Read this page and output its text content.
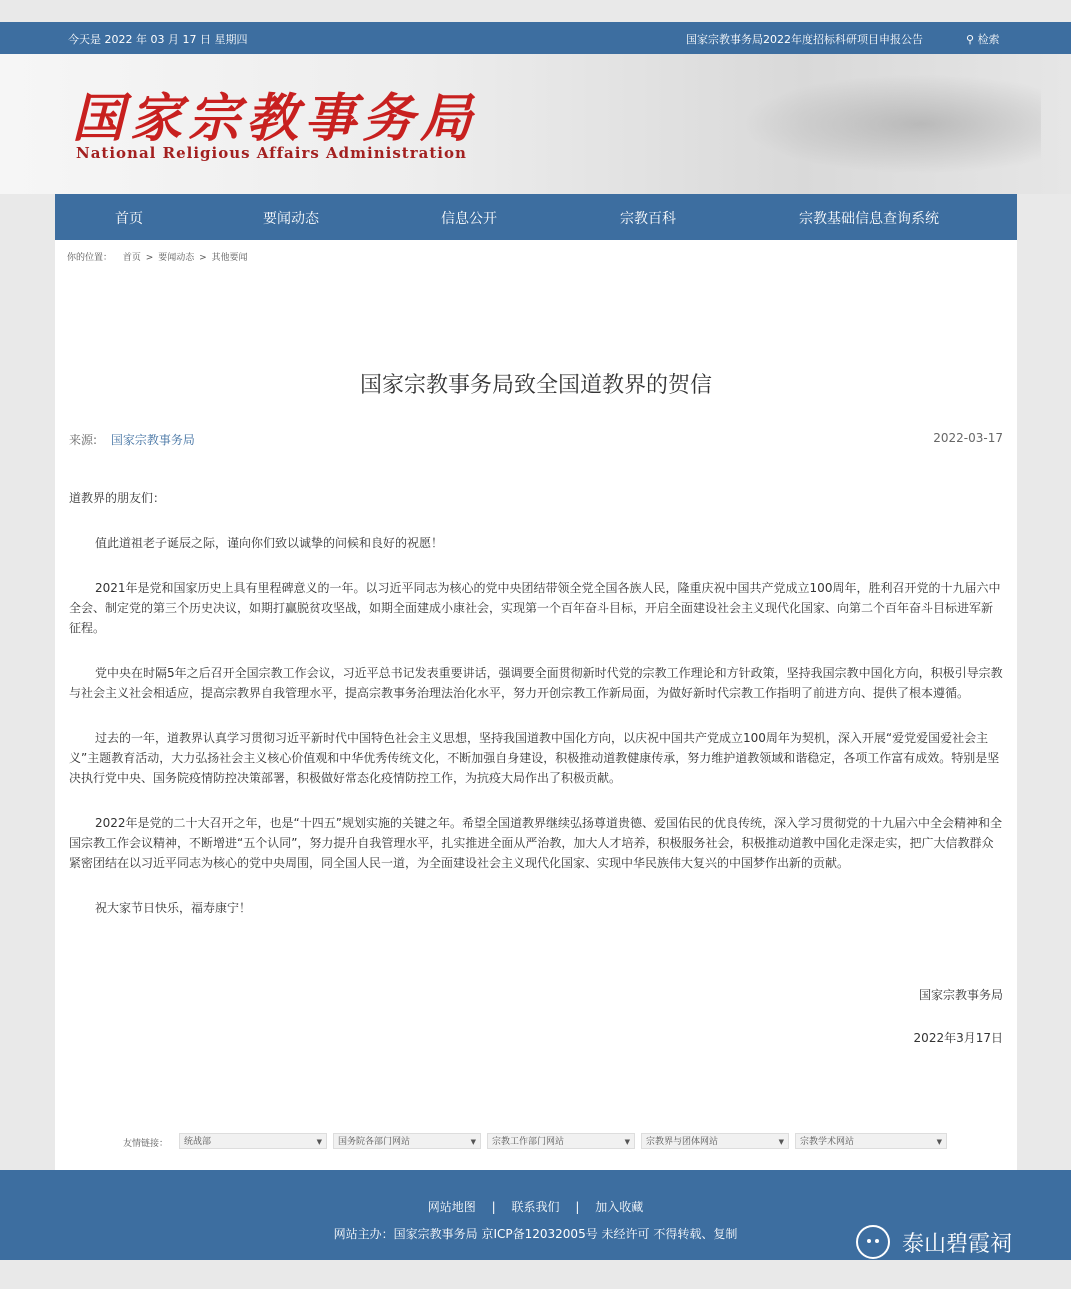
今天是 2022 年 03 月 17 日 星期四	国家宗教事务局2022年度招标科研项目申报公告	⚲ 检索
国家宗教事务局
National Religious Affairs Administration
首页	要闻动态	信息公开	宗教百科	宗教基础信息查询系统
你的位置： 首页 > 要闻动态 > 其他要闻
国家宗教事务局致全国道教界的贺信
来源: 国家宗教事务局	2022-03-17

道教界的朋友们：

值此道祖老子诞辰之际，谨向你们致以诚挚的问候和良好的祝愿！

2021年是党和国家历史上具有里程碑意义的一年。以习近平同志为核心的党中央团结带领全党全国各族人民，隆重庆祝中国共产党成立100周年，胜利召开党的十九届六中全会、制定党的第三个历史决议，如期打赢脱贫攻坚战，如期全面建成小康社会，实现第一个百年奋斗目标，开启全面建设社会主义现代化国家、向第二个百年奋斗目标进军新征程。

党中央在时隔5年之后召开全国宗教工作会议，习近平总书记发表重要讲话，强调要全面贯彻新时代党的宗教工作理论和方针政策，坚持我国宗教中国化方向，积极引导宗教与社会主义社会相适应，提高宗教界自我管理水平，提高宗教事务治理法治化水平，努力开创宗教工作新局面，为做好新时代宗教工作指明了前进方向、提供了根本遵循。

过去的一年，道教界认真学习贯彻习近平新时代中国特色社会主义思想，坚持我国道教中国化方向，以庆祝中国共产党成立100周年为契机，深入开展“爱党爱国爱社会主义”主题教育活动，大力弘扬社会主义核心价值观和中华优秀传统文化，不断加强自身建设，积极推动道教健康传承，努力维护道教领域和谐稳定，各项工作富有成效。特别是坚决执行党中央、国务院疫情防控决策部署，积极做好常态化疫情防控工作，为抗疫大局作出了积极贡献。

2022年是党的二十大召开之年，也是“十四五”规划实施的关键之年。希望全国道教界继续弘扬尊道贵德、爱国佑民的优良传统，深入学习贯彻党的十九届六中全会精神和全国宗教工作会议精神，不断增进“五个认同”，努力提升自我管理水平，扎实推进全面从严治教，加大人才培养，积极服务社会，积极推动道教中国化走深走实，把广大信教群众紧密团结在以习近平同志为核心的党中央周围，同全国人民一道，为全面建设社会主义现代化国家、实现中华民族伟大复兴的中国梦作出新的贡献。

祝大家节日快乐，福寿康宁！

国家宗教事务局
2022年3月17日
友情链接：	统战部	▼	国务院各部门网站	▼	宗教工作部门网站	▼	宗教界与团体网站	▼	宗教学术网站	▼
网站地图 | 联系我们 | 加入收藏
网站主办：国家宗教事务局 京ICP备12032005号 未经许可 不得转载、复制	泰山碧霞祠
